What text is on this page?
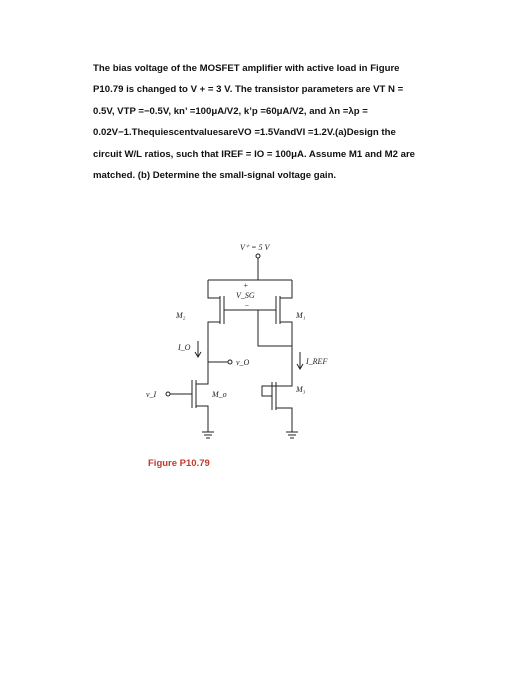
The bias voltage of the MOSFET amplifier with active load in Figure

P10.79 is changed to V + = 3 V. The transistor parameters are VT N =

0.5V, VTP =−0.5V, kn’ =100μA/V2, k’p =60μA/V2, and λn =λp =

0.02V−1.ThequiescentvaluesareVO =1.5VandVI =1.2V.(a)Design the

circuit W/L ratios, such that IREF = IO = 100μA. Assume M1 and M2 are

matched. (b) Determine the small-signal voltage gain.

V⁺ = 5 V
+
V_SG
−
M₂	M₁
I_O
v_O	I_REF
M₃
v_I	M_o
Figure P10.79
